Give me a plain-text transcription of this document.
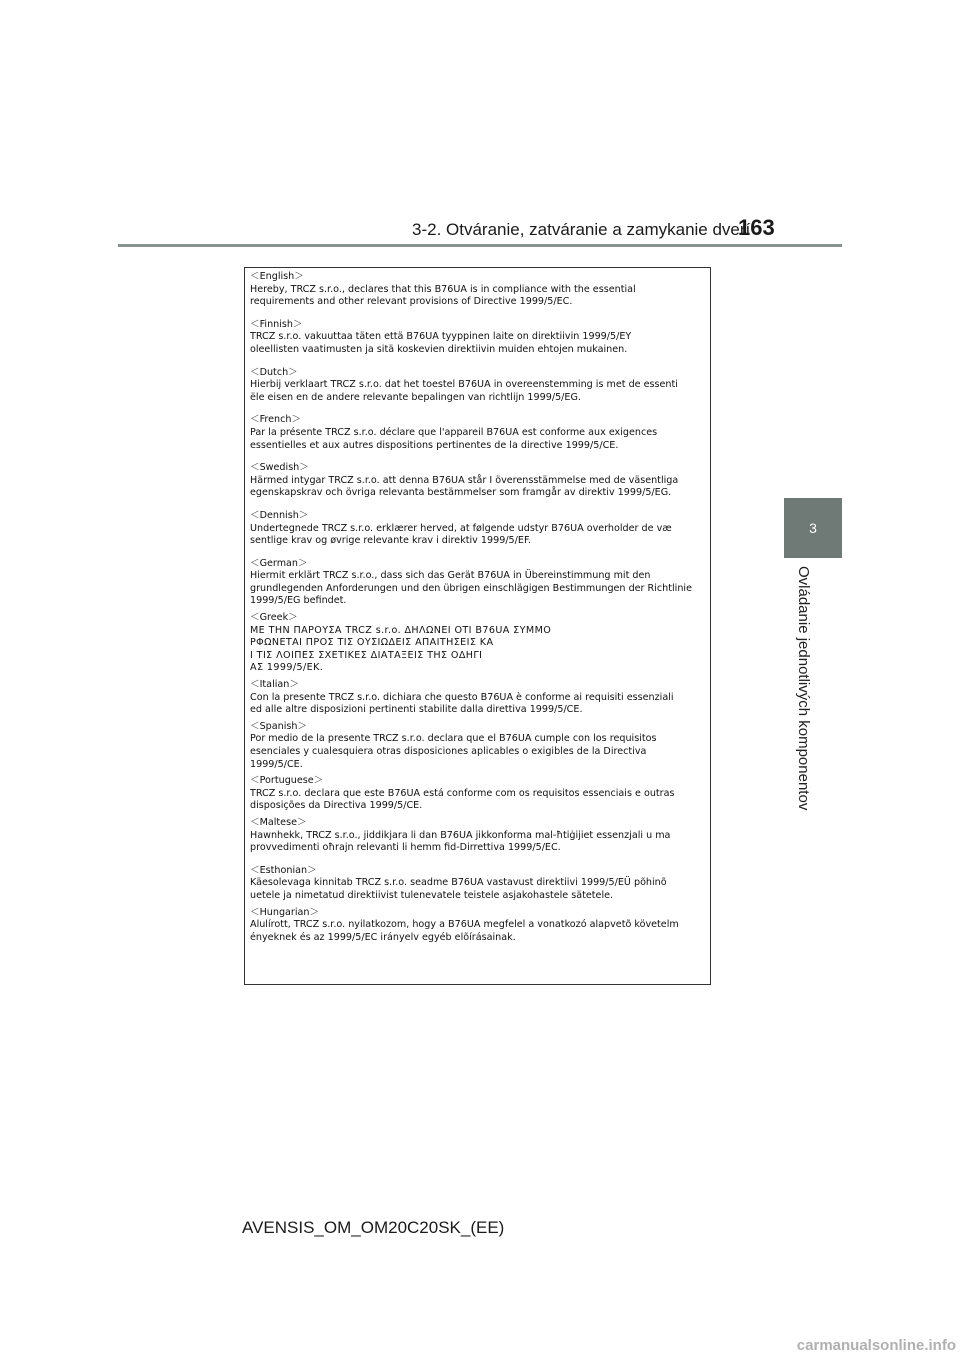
3-2. Otváranie, zatváranie a zamykanie dverí
163
3
Ovládanie jednotlivých komponentov
＜English＞
Hereby, TRCZ s.r.o., declares that this B76UA is in compliance with the essential
requirements and other relevant provisions of Directive 1999/5/EC.
＜Finnish＞
TRCZ s.r.o. vakuuttaa täten että B76UA tyyppinen laite on direktiivin 1999/5/EY
oleellisten vaatimusten ja sitä koskevien direktiivin muiden ehtojen mukainen.
＜Dutch＞
Hierbij verklaart TRCZ s.r.o. dat het toestel B76UA in overeenstemming is met de essenti
ële eisen en de andere relevante bepalingen van richtlijn 1999/5/EG.
＜French＞
Par la présente TRCZ s.r.o. déclare que l'appareil B76UA est conforme aux exigences
essentielles et aux autres dispositions pertinentes de la directive 1999/5/CE.
＜Swedish＞
Härmed intygar TRCZ s.r.o. att denna B76UA står I överensstämmelse med de väsentliga
egenskapskrav och övriga relevanta bestämmelser som framgår av direktiv 1999/5/EG.
＜Dennish＞
Undertegnede TRCZ s.r.o. erklærer herved, at følgende udstyr B76UA overholder de væ
sentlige krav og øvrige relevante krav i direktiv 1999/5/EF.
＜German＞
Hiermit erklärt TRCZ s.r.o., dass sich das Gerät B76UA in Übereinstimmung mit den
grundlegenden Anforderungen und den übrigen einschlägigen Bestimmungen der Richtlinie
1999/5/EG befindet.
＜Greek＞
ΜΕ ΤΗΝ ΠΑΡΟΥΣΑ TRCZ s.r.o. ΔΗΛΩΝΕΙ ΟΤΙ B76UA ΣΥΜΜΟ
ΡΦΩΝΕΤΑΙ ΠΡΟΣ ΤΙΣ ΟΥΣΙΩΔΕΙΣ ΑΠΑΙΤΗΣΕΙΣ ΚΑ
Ι ΤΙΣ ΛΟΙΠΕΣ ΣΧΕΤΙΚΕΣ ΔΙΑΤΑΞΕΙΣ ΤΗΣ ΟΔΗΓΙ
ΑΣ 1999/5/EK.
＜Italian＞
Con la presente TRCZ s.r.o. dichiara che questo B76UA è conforme ai requisiti essenziali
ed alle altre disposizioni pertinenti stabilite dalla direttiva 1999/5/CE.
＜Spanish＞
Por medio de la presente TRCZ s.r.o. declara que el B76UA cumple con los requisitos
esenciales y cualesquiera otras disposiciones aplicables o exigibles de la Directiva
1999/5/CE.
＜Portuguese＞
TRCZ s.r.o. declara que este B76UA está conforme com os requisitos essenciais e outras
disposições da Directiva 1999/5/CE.
＜Maltese＞
Hawnhekk, TRCZ s.r.o., jiddikjara li dan B76UA jikkonforma mal-ħtiġijiet essenzjali u ma
provvedimenti oħrajn relevanti li hemm fid-Dirrettiva 1999/5/EC.
＜Esthonian＞
Käesolevaga kinnitab TRCZ s.r.o. seadme B76UA vastavust direktiivi 1999/5/EÜ põhinõ
uetele ja nimetatud direktiivist tulenevatele teistele asjakohastele sätetele.
＜Hungarian＞
Alulírott, TRCZ s.r.o. nyilatkozom, hogy a B76UA megfelel a vonatkozó alapvetõ követelm
ényeknek és az 1999/5/EC irányelv egyéb elõírásainak.
AVENSIS_OM_OM20C20SK_(EE)
carmanualsonline.info
